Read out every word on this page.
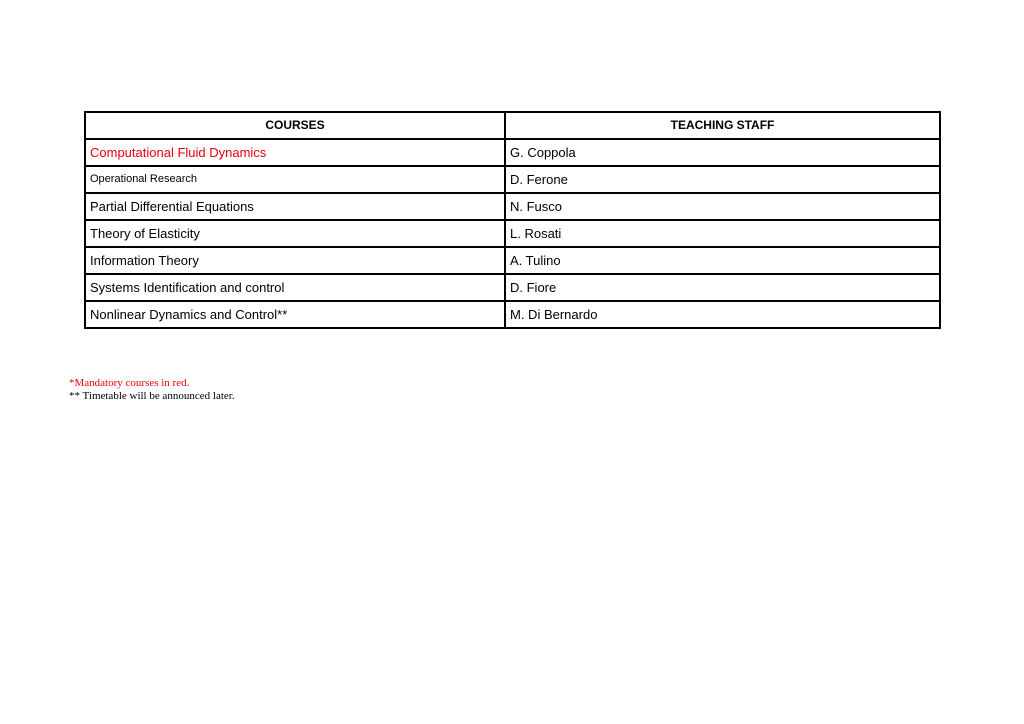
COURSES	TEACHING STAFF
Computational Fluid Dynamics	G. Coppola
Operational Research	D. Ferone
Partial Differential Equations	N. Fusco
Theory of Elasticity	L. Rosati
Information Theory	A. Tulino
Systems Identification and control	D. Fiore
Nonlinear Dynamics and Control**	M. Di Bernardo
*Mandatory courses in red.
** Timetable will be announced later.
